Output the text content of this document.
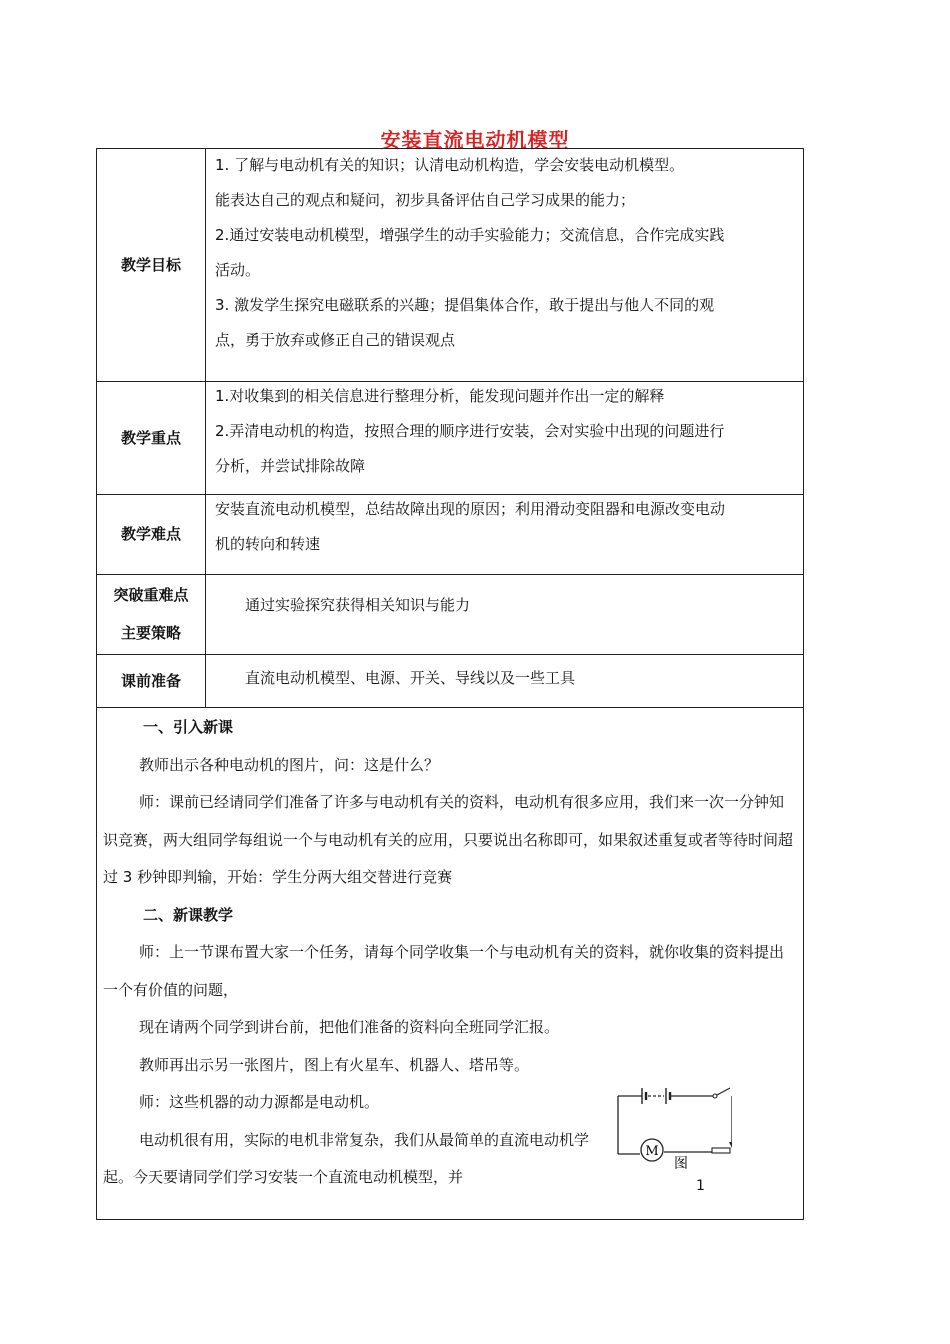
安装直流电动机模型
教学目标

1. 了解与电动机有关的知识；认清电动机构造，学会安装电动机模型。

能表达自己的观点和疑问，初步具备评估自己学习成果的能力；

2.通过安装电动机模型，增强学生的动手实验能力；交流信息，合作完成实践

活动。

3. 激发学生探究电磁联系的兴趣；提倡集体合作，敢于提出与他人不同的观

点，勇于放弃或修正自己的错误观点

教学重点

1.对收集到的相关信息进行整理分析，能发现问题并作出一定的解释

2.弄清电动机的构造，按照合理的顺序进行安装，会对实验中出现的问题进行

分析，并尝试排除故障

教学难点

安装直流电动机模型，总结故障出现的原因；利用滑动变阻器和电源改变电动

机的转向和转速

突破重难点
主要策略

通过实验探究获得相关知识与能力

课前准备	直流电动机模型、电源、开关、导线以及一些工具

一、引入新课

教师出示各种电动机的图片，问：这是什么？

师：课前已经请同学们准备了许多与电动机有关的资料，电动机有很多应用，我们来一次一分钟知识竞赛，两大组同学每组说一个与电动机有关的应用，只要说出名称即可，如果叙述重复或者等待时间超过 3 秒钟即判输，开始：学生分两大组交替进行竞赛

二、新课教学

师：上一节课布置大家一个任务，请每个同学收集一个与电动机有关的资料，就你收集的资料提出一个有价值的问题，

现在请两个同学到讲台前，把他们准备的资料向全班同学汇报。

教师再出示另一张图片，图上有火星车、机器人、塔吊等。

师：这些机器的动力源都是电动机。

电动机很有用，实际的电机非常复杂，我们从最简单的直流电动机学起。今天要请同学们学习安装一个直流电动机模型，并

M
图
1
